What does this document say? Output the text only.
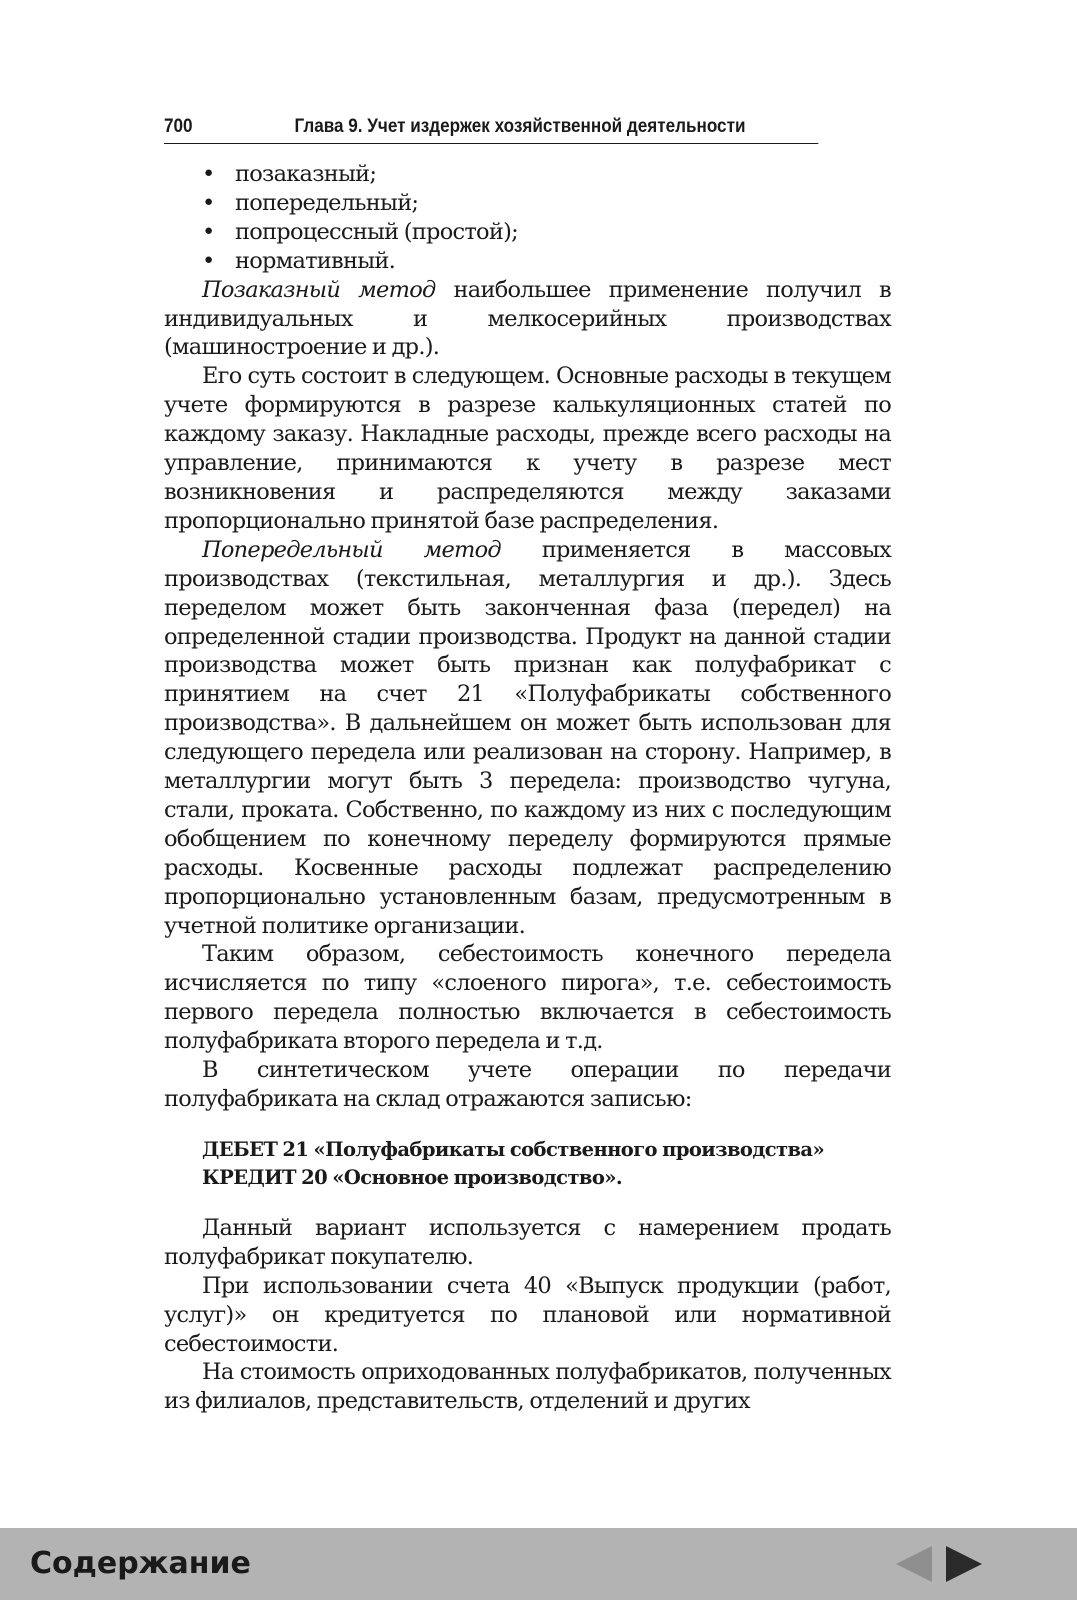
700	Глава 9. Учет издержек хозяйственной деятельности
• позаказный;
• попередельный;
• попроцессный (простой);
• нормативный.

Позаказный метод наибольшее применение получил в индивидуальных и мелкосерийных производствах (машиностроение и др.).

Его суть состоит в следующем. Основные расходы в текущем учете формируются в разрезе калькуляционных статей по каждому заказу. Накладные расходы, прежде всего расходы на управление, принимаются к учету в разрезе мест возникновения и распределяются между заказами пропорционально принятой базе распределения.

Попередельный метод применяется в массовых производствах (текстильная, металлургия и др.). Здесь переделом может быть законченная фаза (передел) на определенной стадии производства. Продукт на данной стадии производства может быть признан как полуфабрикат с принятием на счет 21 «Полуфабрикаты собственного производства». В дальнейшем он может быть использован для следующего передела или реализован на сторону. Например, в металлургии могут быть 3 передела: производство чугуна, стали, проката. Собственно, по каждому из них с последующим обобщением по конечному переделу формируются прямые расходы. Косвенные расходы подлежат распределению пропорционально установленным базам, предусмотренным в учетной политике организации.

Таким образом, себестоимость конечного передела исчисляется по типу «слоеного пирога», т.е. себестоимость первого передела полностью включается в себестоимость полуфабриката второго передела и т.д.

В синтетическом учете операции по передачи полуфабриката на склад отражаются записью:

ДЕБЕТ 21 «Полуфабрикаты собственного производства»
КРЕДИТ 20 «Основное производство».

Данный вариант используется с намерением продать полуфабрикат покупателю.

При использовании счета 40 «Выпуск продукции (работ, услуг)» он кредитуется по плановой или нормативной себестоимости.

На стоимость оприходованных полуфабрикатов, полученных из филиалов, представительств, отделений и других

Содержание
